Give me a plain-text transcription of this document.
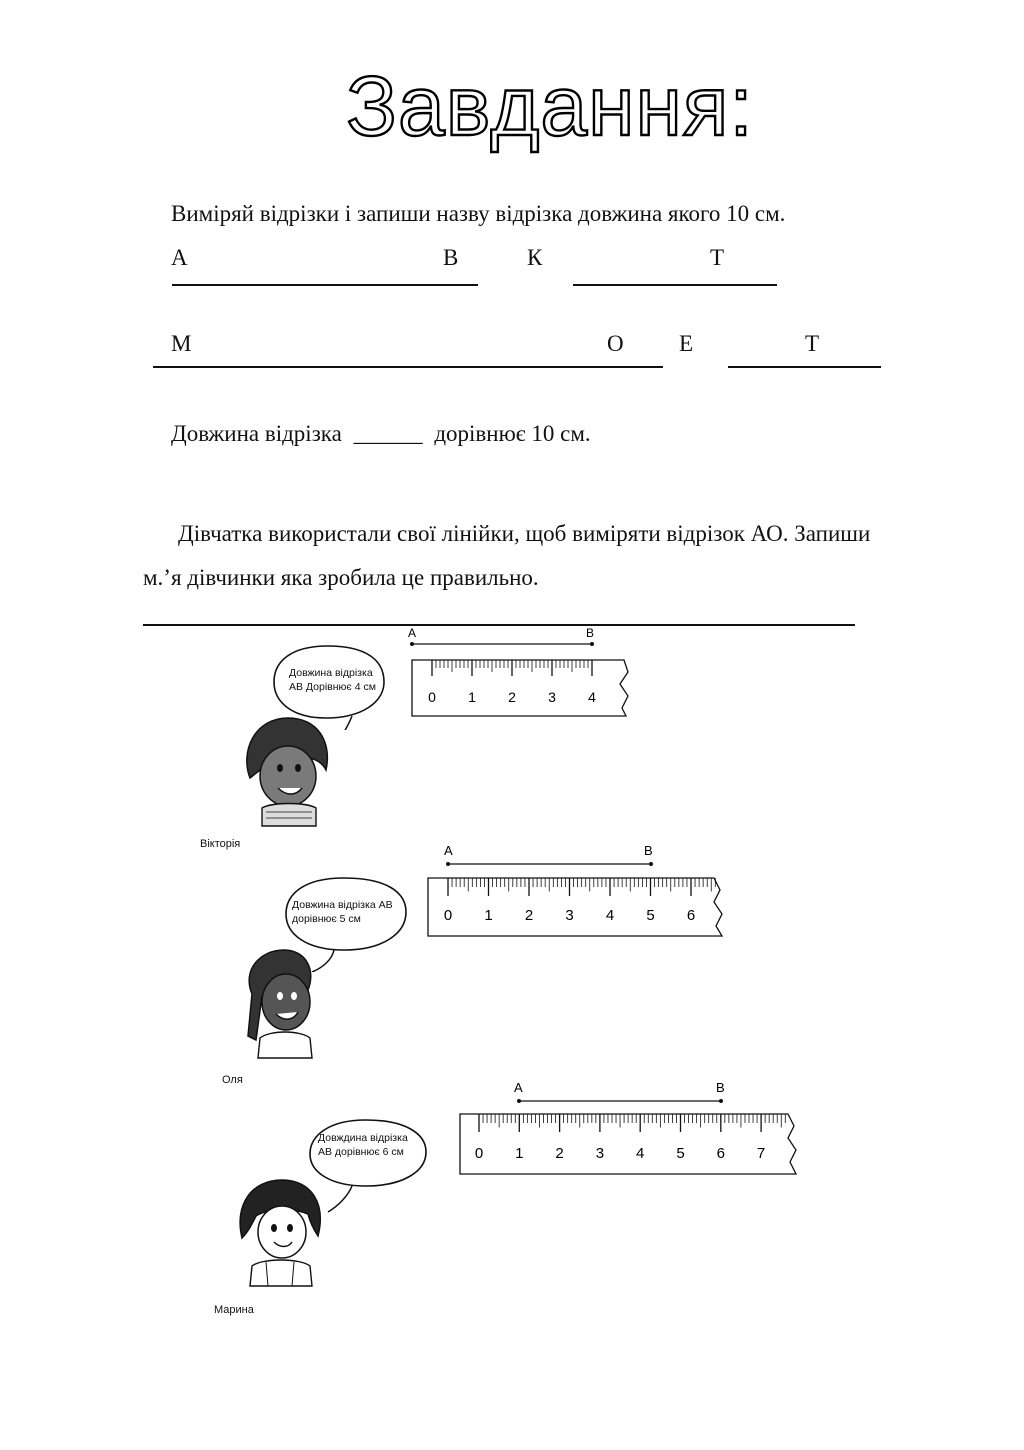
Завдання:
Виміряй відрізки і запиши назву відрізка довжина якого 10 см.
А	В	К	Т
М	О Е	Т
Довжина відрізка ______ дорівнює 10 см.
Дівчатка використали свої лінійки, щоб виміряти відрізок АО. Запиши
м.’я дівчинки яка зробила це правильно.
Довжина відрізка
АВ Дорівнює 4 см
Вікторія
A	B
0 1 2 3 4
Довжина відрізка АВ
дорівнює 5 см
Оля
A	B
0 1 2 3 4 5 6
Довждина відрізка
АВ дорівнює 6 см
Марина
A	B
0 1 2 3 4 5 6 7
